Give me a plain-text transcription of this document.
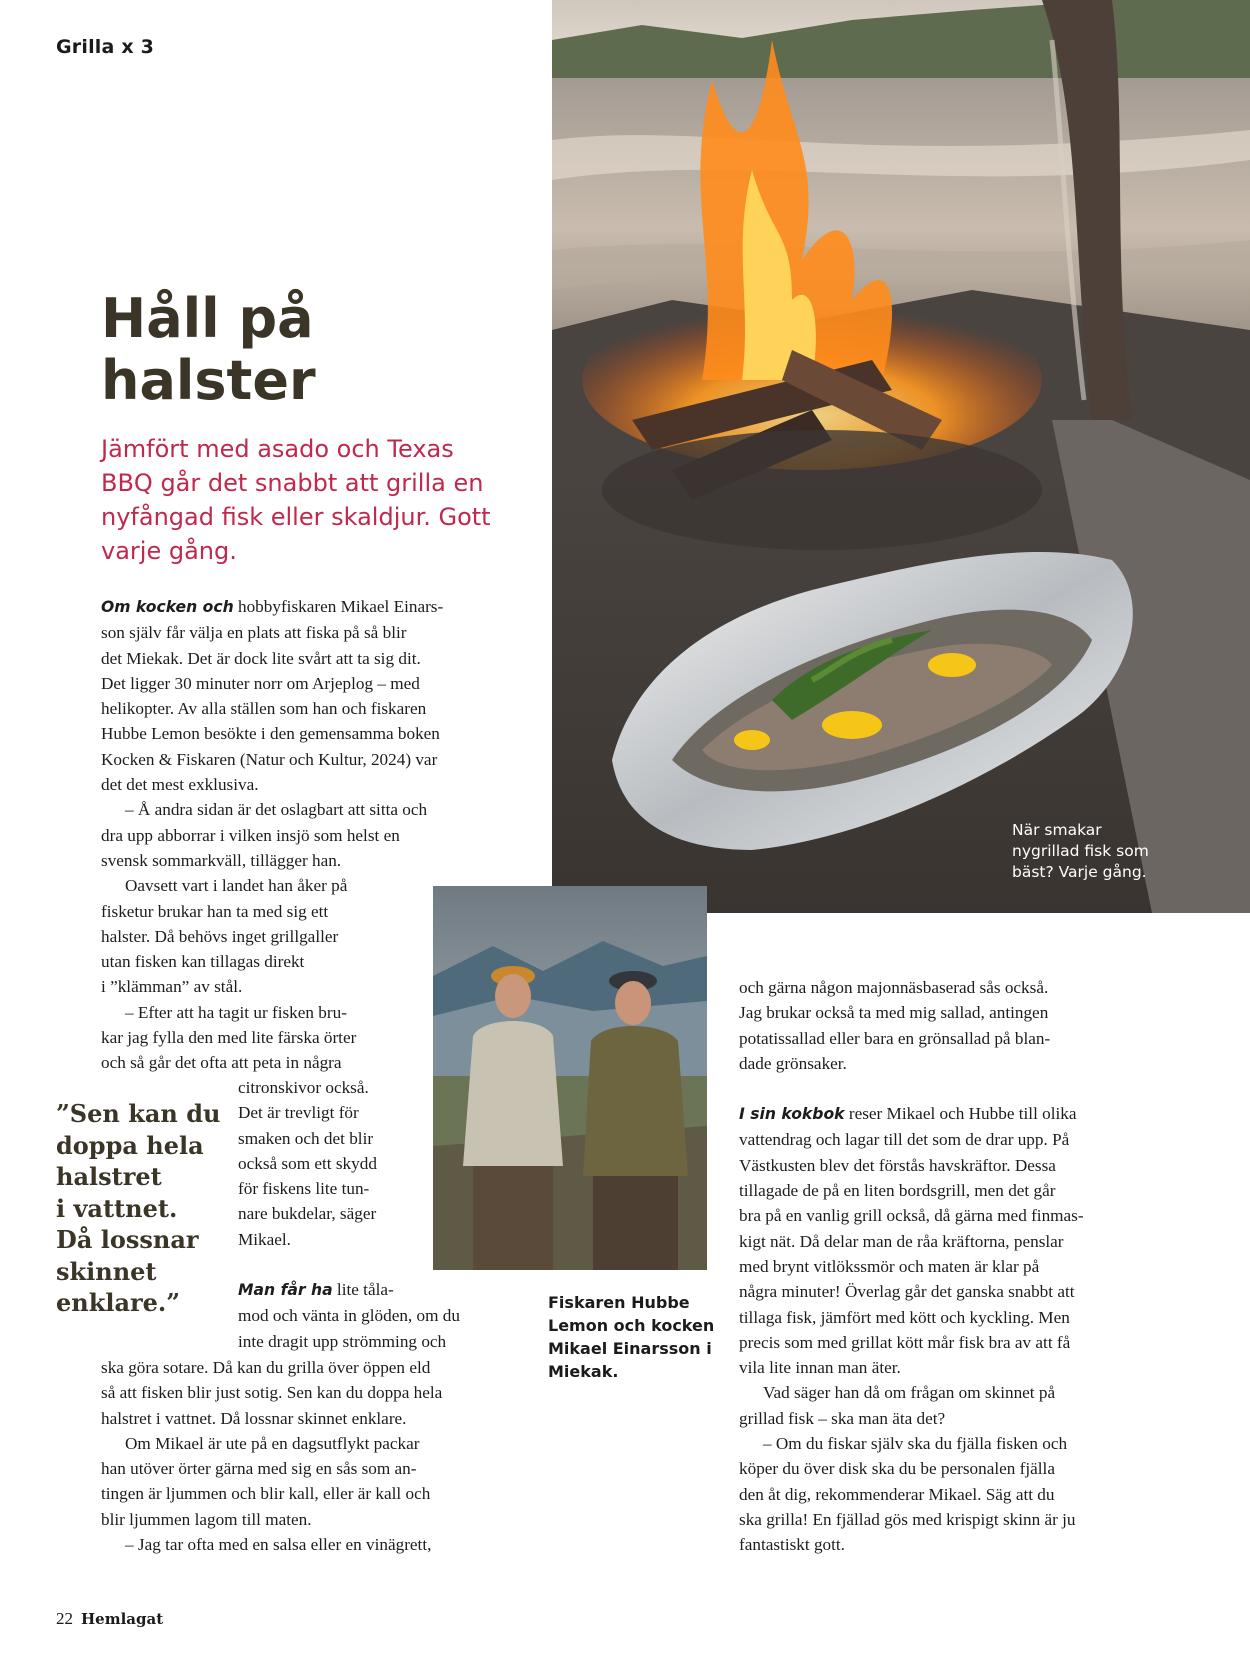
Grilla x 3
Håll på
halster
Jämfört med asado och Texas
BBQ går det snabbt att grilla en
nyfångad fisk eller skaldjur. Gott
varje gång.
Om kocken och hobbyfiskaren Mikael Einars-
son själv får välja en plats att fiska på så blir
det Miekak. Det är dock lite svårt att ta sig dit.
Det ligger 30 minuter norr om Arjeplog – med
helikopter. Av alla ställen som han och fiskaren
Hubbe Lemon besökte i den gemensamma boken
Kocken & Fiskaren (Natur och Kultur, 2024) var
det det mest exklusiva.
– Å andra sidan är det oslagbart att sitta och
dra upp abborrar i vilken insjö som helst en
svensk sommarkväll, tillägger han.
Oavsett vart i landet han åker på
fisketur brukar han ta med sig ett
halster. Då behövs inget grillgaller
utan fisken kan tillagas direkt
i ”klämman” av stål.
– Efter att ha tagit ur fisken bru-
kar jag fylla den med lite färska örter
och så går det ofta att peta in några
citronskivor också.
Det är trevligt för
smaken och det blir
också som ett skydd
för fiskens lite tun-
nare bukdelar, säger
Mikael.
Man får ha lite tåla-
mod och vänta in glöden, om du
inte dragit upp strömming och
ska göra sotare. Då kan du grilla över öppen eld
så att fisken blir just sotig. Sen kan du doppa hela
halstret i vattnet. Då lossnar skinnet enklare.
Om Mikael är ute på en dagsutflykt packar
han utöver örter gärna med sig en sås som an-
tingen är ljummen och blir kall, eller är kall och
blir ljummen lagom till maten.
– Jag tar ofta med en salsa eller en vinägrett,
”Sen kan du
doppa hela
halstret
i vattnet.
Då lossnar
skinnet
enklare.”
När smakar
nygrillad fisk som
bäst? Varje gång.
Fiskaren Hubbe
Lemon och kocken
Mikael Einarsson i
Miekak.
och gärna någon majonnäsbaserad sås också.
Jag brukar också ta med mig sallad, antingen
potatissallad eller bara en grönsallad på blan-
dade grönsaker.
I sin kokbok reser Mikael och Hubbe till olika
vattendrag och lagar till det som de drar upp. På
Västkusten blev det förstås havskräftor. Dessa
tillagade de på en liten bordsgrill, men det går
bra på en vanlig grill också, då gärna med finmas-
kigt nät. Då delar man de råa kräftorna, penslar
med brynt vitlökssmör och maten är klar på
några minuter! Överlag går det ganska snabbt att
tillaga fisk, jämfört med kött och kyckling. Men
precis som med grillat kött mår fisk bra av att få
vila lite innan man äter.
Vad säger han då om frågan om skinnet på
grillad fisk – ska man äta det?
– Om du fiskar själv ska du fjälla fisken och
köper du över disk ska du be personalen fjälla
den åt dig, rekommenderar Mikael. Säg att du
ska grilla! En fjällad gös med krispigt skinn är ju
fantastiskt gott.
22 Hemlagat
